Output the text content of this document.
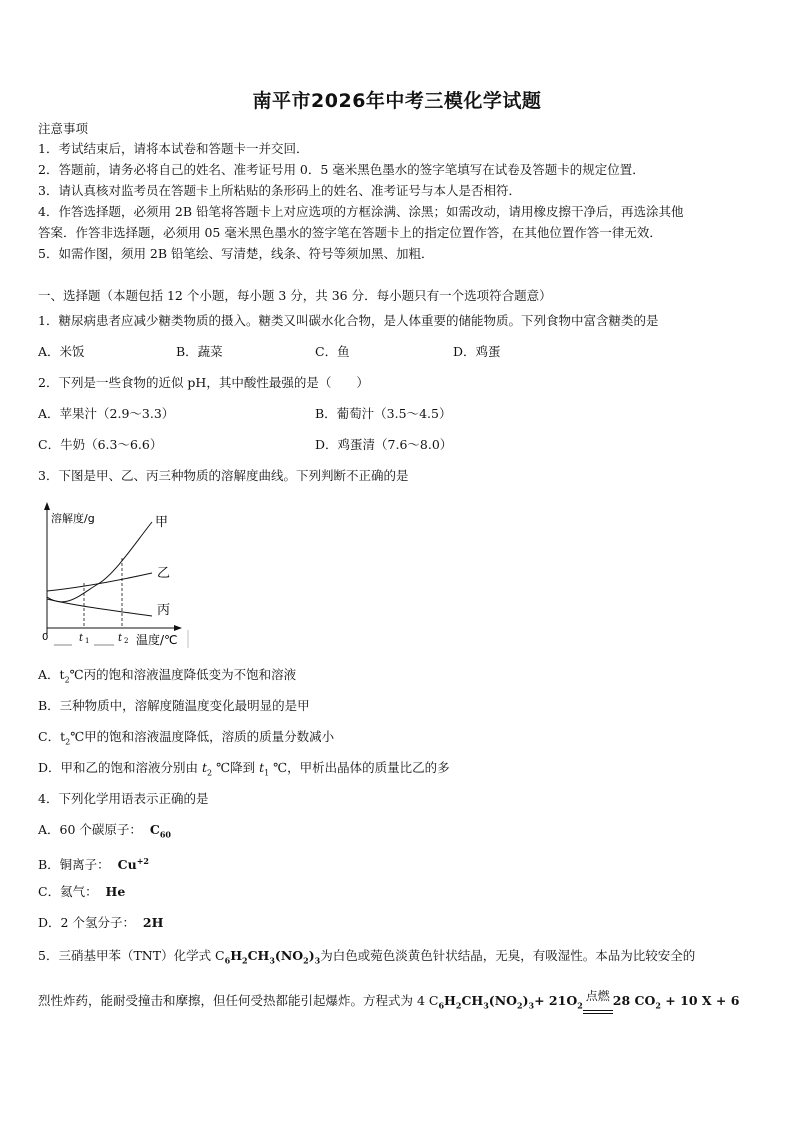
南平市2026年中考三模化学试题
注意事项
1．考试结束后，请将本试卷和答题卡一并交回．
2．答题前，请务必将自己的姓名、准考证号用 0．5 毫米黑色墨水的签字笔填写在试卷及答题卡的规定位置．
3．请认真核对监考员在答题卡上所粘贴的条形码上的姓名、准考证号与本人是否相符．
4．作答选择题，必须用 2B 铅笔将答题卡上对应选项的方框涂满、涂黑；如需改动，请用橡皮擦干净后，再选涂其他
答案．作答非选择题，必须用 05 毫米黑色墨水的签字笔在答题卡上的指定位置作答，在其他位置作答一律无效．
5．如需作图，须用 2B 铅笔绘、写清楚，线条、符号等须加黑、加粗．
一、选择题（本题包括 12 个小题，每小题 3 分，共 36 分．每小题只有一个选项符合题意）
1．糖尿病患者应减少糖类物质的摄入。糖类又叫碳水化合物，是人体重要的储能物质。下列食物中富含糖类的是
A．米饭	B．蔬菜	C．鱼	D．鸡蛋
2．下列是一些食物的近似 pH，其中酸性最强的是（　　）
A．苹果汁（2.9～3.3）	B．葡萄汁（3.5～4.5）
C．牛奶（6.3～6.6）	D．鸡蛋清（7.6～8.0）
3．下图是甲、乙、丙三种物质的溶解度曲线。下列判断不正确的是
溶解度/g	甲
乙
丙
0	t 1	t 2 温度/℃
A．$t_2℃$丙的饱和溶液温度降低变为不饱和溶液
B．三种物质中，溶解度随温度变化最明显的是甲
C．$t_2℃$甲的饱和溶液温度降低，溶质的质量分数减小
D．甲和乙的饱和溶液分别由 $t_2$ ℃降到 $t_1$ ℃，甲析出晶体的质量比乙的多
4．下列化学用语表示正确的是
A．60 个碳原子： $C_{60}$
B．铜离子： $Cu^{+2}$
C．氦气： He
D．2 个氢分子： 2H
5．三硝基甲苯（TNT）化学式 $C_6H_2CH_3(NO_2)_3$为白色或菀色淡黄色针状结晶，无臭，有吸湿性。本品为比较安全的
烈性炸药，能耐受撞击和摩擦，但任何受热都能引起爆炸。方程式为 4 $C_6H_2CH_3(NO_2)_3+ 21O_2$
点燃 28 $CO_2 + 10$ X + 6
